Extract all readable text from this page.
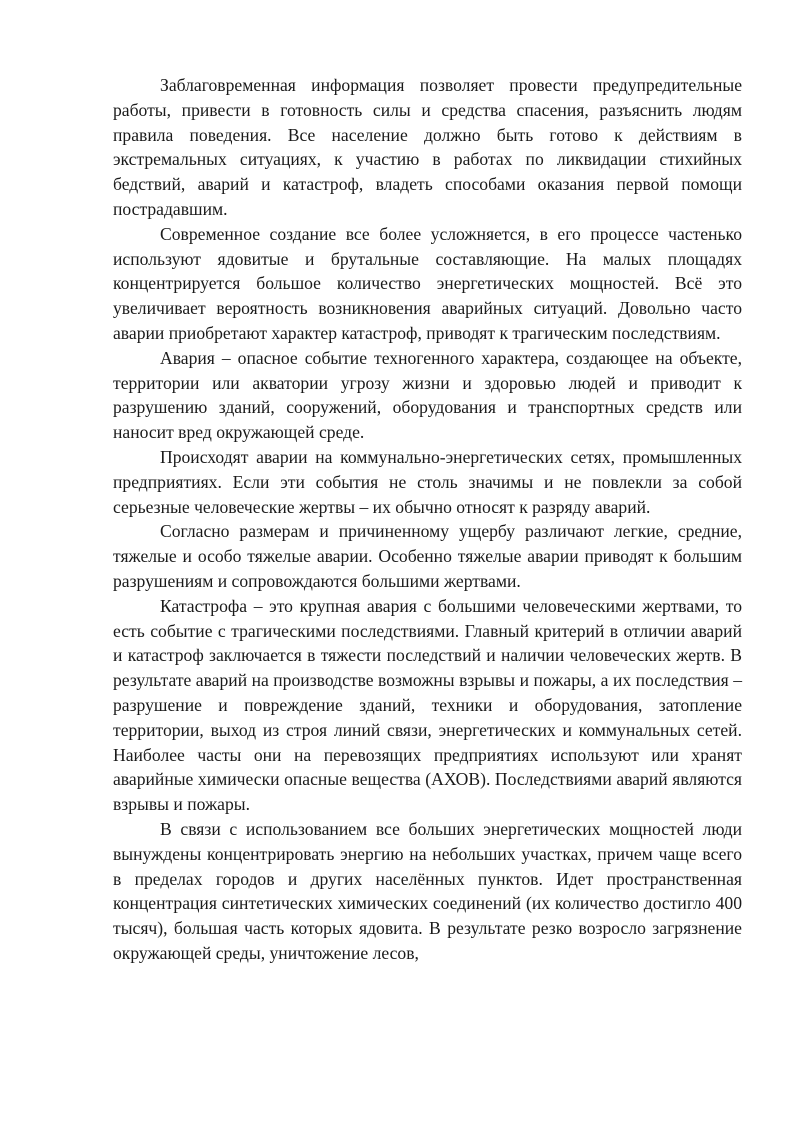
Заблаговременная информация позволяет провести предупредительные работы, привести в готовность силы и средства спасения, разъяснить людям правила поведения. Все население должно быть готово к действиям в экстремальных ситуациях, к участию в работах по ликвидации стихийных бедствий, аварий и катастроф, владеть способами оказания первой помощи пострадавшим.

Современное создание все более усложняется, в его процессе частенько используют ядовитые и брутальные составляющие. На малых площадях концентрируется большое количество энергетических мощностей. Всё это увеличивает вероятность возникновения аварийных ситуаций. Довольно часто аварии приобретают характер катастроф, приводят к трагическим последствиям.

Авария – опасное событие техногенного характера, создающее на объекте, территории или акватории угрозу жизни и здоровью людей и приводит к разрушению зданий, сооружений, оборудования и транспортных средств или наносит вред окружающей среде.

Происходят аварии на коммунально-энергетических сетях, промышленных предприятиях. Если эти события не столь значимы и не повлекли за собой серьезные человеческие жертвы – их обычно относят к разряду аварий.

Согласно размерам и причиненному ущербу различают легкие, средние, тяжелые и особо тяжелые аварии. Особенно тяжелые аварии приводят к большим разрушениям и сопровождаются большими жертвами.

Катастрофа – это крупная авария с большими человеческими жертвами, то есть событие с трагическими последствиями. Главный критерий в отличии аварий и катастроф заключается в тяжести последствий и наличии человеческих жертв. В результате аварий на производстве возможны взрывы и пожары, а их последствия – разрушение и повреждение зданий, техники и оборудования, затопление территории, выход из строя линий связи, энергетических и коммунальных сетей. Наиболее часты они на перевозящих предприятиях используют или хранят аварийные химически опасные вещества (АХОВ). Последствиями аварий являются взрывы и пожары.

В связи с использованием все больших энергетических мощностей люди вынуждены концентрировать энергию на небольших участках, причем чаще всего в пределах городов и других населённых пунктов. Идет пространственная концентрация синтетических химических соединений (их количество достигло 400 тысяч), большая часть которых ядовита. В результате резко возросло загрязнение окружающей среды, уничтожение лесов,
